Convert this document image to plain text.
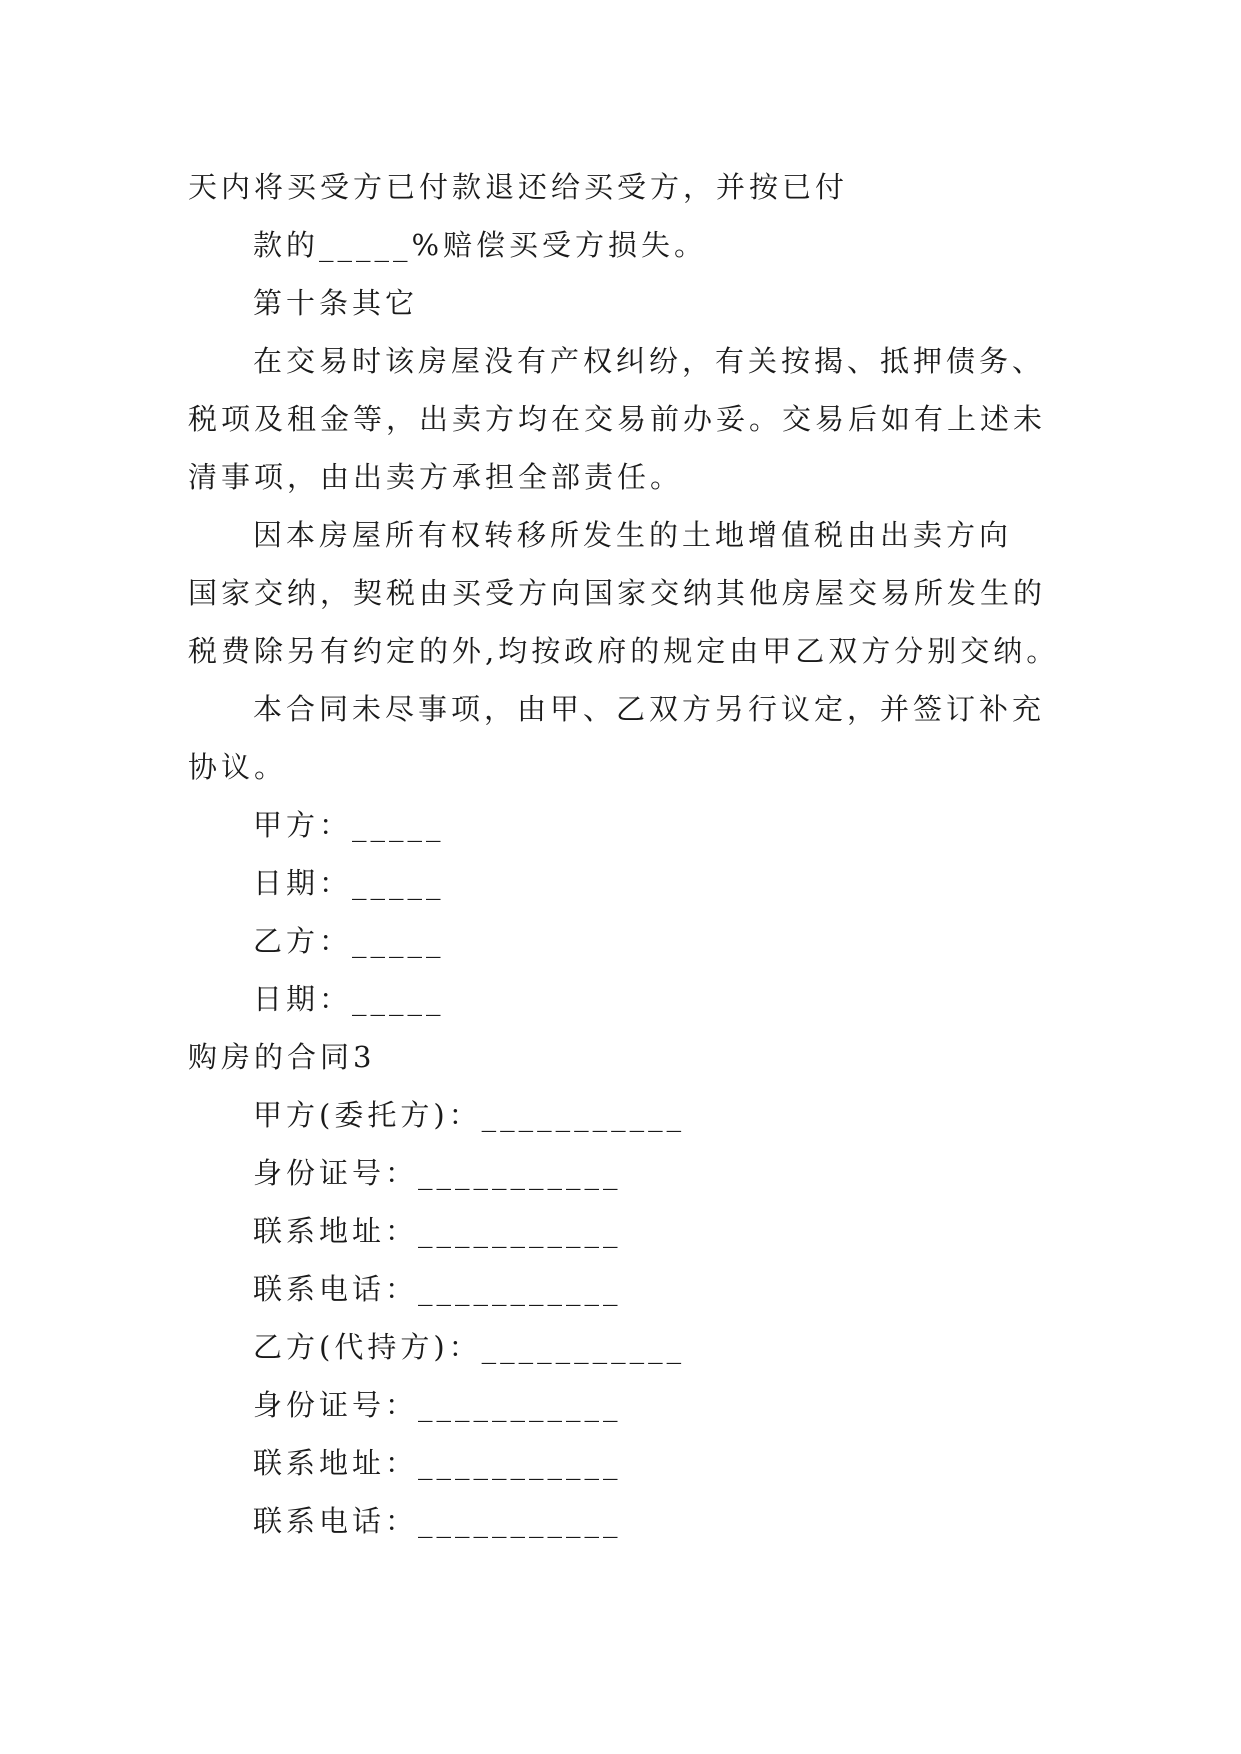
天内将买受方已付款退还给买受方，并按已付
款的_____%赔偿买受方损失。
第十条其它
在交易时该房屋没有产权纠纷，有关按揭、抵押债务、
税项及租金等，出卖方均在交易前办妥。交易后如有上述未
清事项，由出卖方承担全部责任。
因本房屋所有权转移所发生的土地增值税由出卖方向
国家交纳，契税由买受方向国家交纳其他房屋交易所发生的
税费除另有约定的外,均按政府的规定由甲乙双方分别交纳。
本合同未尽事项，由甲、乙双方另行议定，并签订补充
协议。
甲方：_____
日期：_____
乙方：_____
日期：_____
购房的合同3
甲方(委托方)：___________
身份证号：___________
联系地址：___________
联系电话：___________
乙方(代持方)：___________
身份证号：___________
联系地址：___________
联系电话：___________
